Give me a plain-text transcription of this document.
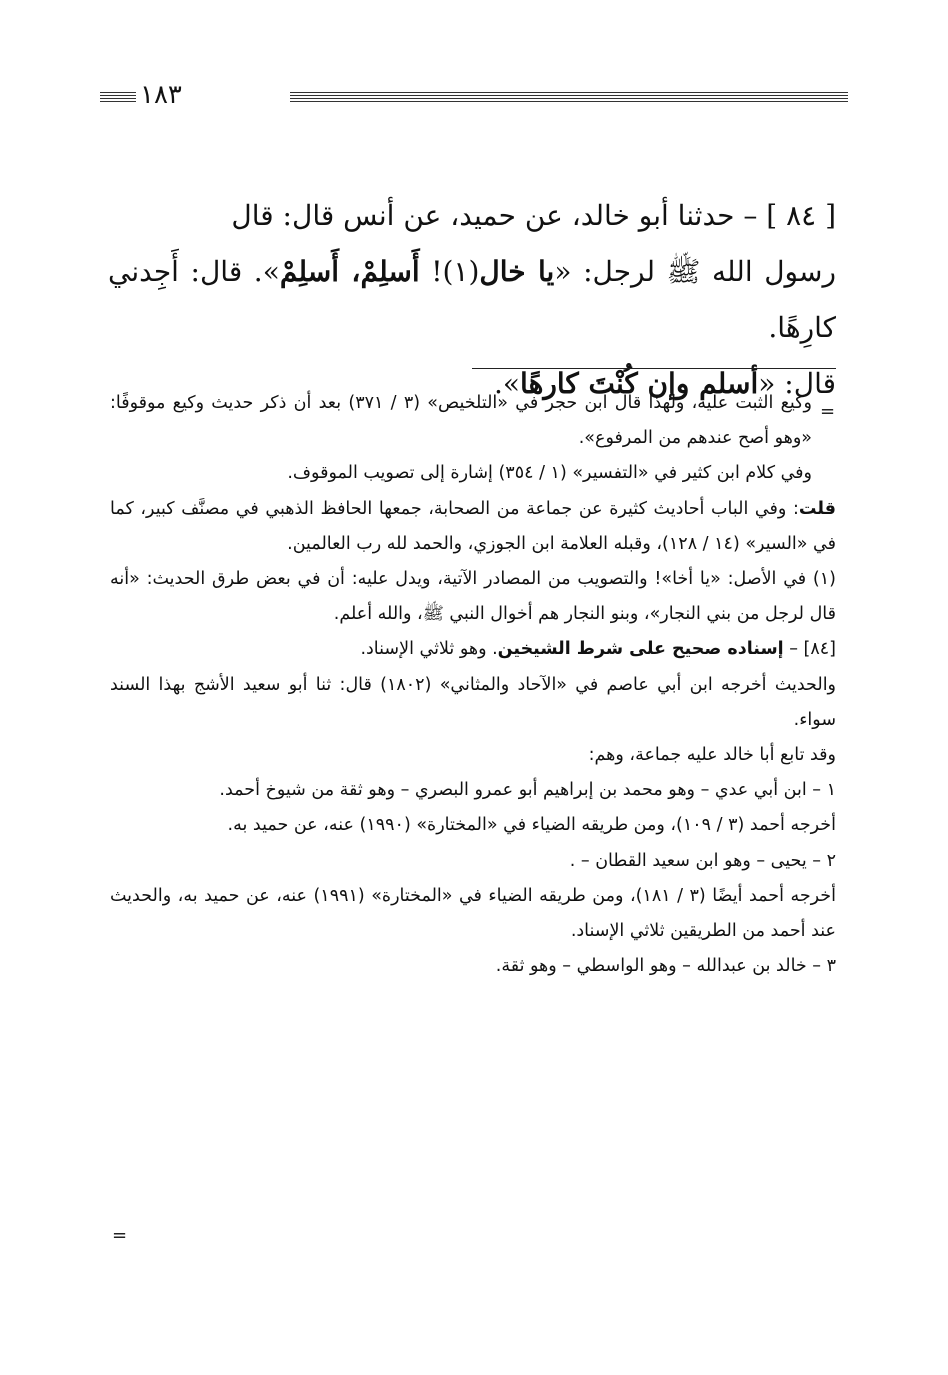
١٨٣

[ ٨٤ ] – حدثنا أبو خالد، عن حميد، عن أنس قال: قال

رسول الله ﷺ لرجل: «يا خال(١)! أَسلِمْ، أَسلِمْ». قال: أَجِدني كارِهًا.

قال: «أسلم وإن كُنْتَ كارهًا».

=

وكيع الثبت عليه، ولهذا قال ابن حجر في «التلخيص» (٣ / ٣٧١) بعد أن ذكر حديث وكيع موقوفًا: «وهو أصح عندهم من المرفوع».

وفي كلام ابن كثير في «التفسير» (١ / ٣٥٤) إشارة إلى تصويب الموقوف.

قلت: وفي الباب أحاديث كثيرة عن جماعة من الصحابة، جمعها الحافظ الذهبي في مصنَّف كبير، كما في «السير» (١٤ / ١٢٨)، وقبله العلامة ابن الجوزي، والحمد لله رب العالمين.

(١) في الأصل: «يا أخا»! والتصويب من المصادر الآتية، ويدل عليه: أن في بعض طرق الحديث: «أنه قال لرجل من بني النجار»، وبنو النجار هم أخوال النبي ﷺ، والله أعلم.

[٨٤] – إسناده صحيح على شرط الشيخين. وهو ثلاثي الإسناد.

والحديث أخرجه ابن أبي عاصم في «الآحاد والمثاني» (١٨٠٢) قال: ثنا أبو سعيد الأشج بهذا السند سواء.

وقد تابع أبا خالد عليه جماعة، وهم:

١ – ابن أبي عدي – وهو محمد بن إبراهيم أبو عمرو البصري – وهو ثقة من شيوخ أحمد.

أخرجه أحمد (٣ / ١٠٩)، ومن طريقه الضياء في «المختارة» (١٩٩٠) عنه، عن حميد به.

٢ – يحيى – وهو ابن سعيد القطان – .

أخرجه أحمد أيضًا (٣ / ١٨١)، ومن طريقه الضياء في «المختارة» (١٩٩١) عنه، عن حميد به، والحديث عند أحمد من الطريقين ثلاثي الإسناد.

٣ – خالد بن عبدالله – وهو الواسطي – وهو ثقة.

=
